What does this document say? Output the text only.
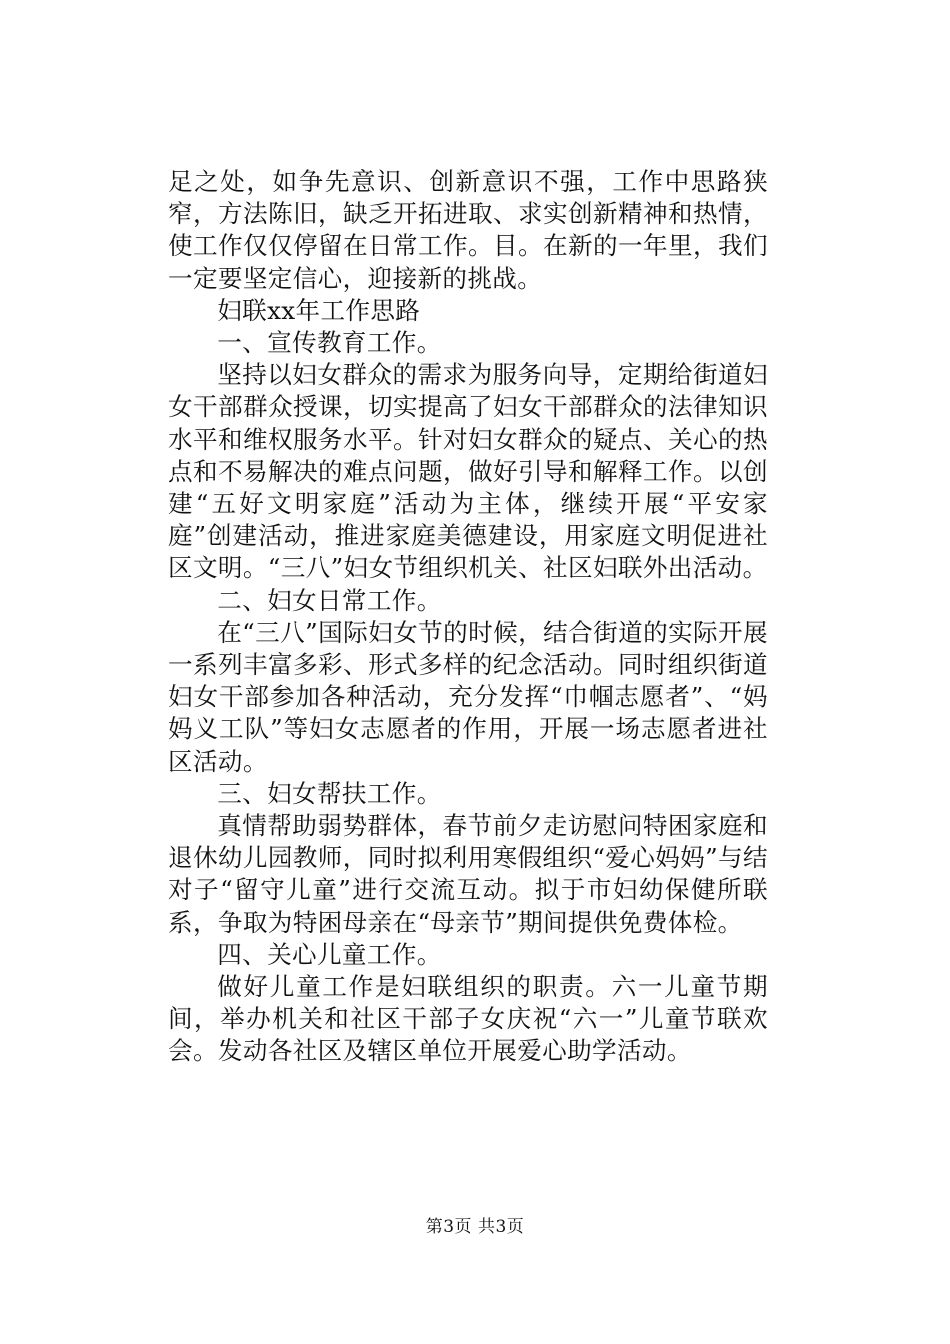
足之处，如争先意识、创新意识不强，工作中思路狭窄，方法陈旧，缺乏开拓进取、求实创新精神和热情，使工作仅仅停留在日常工作。目。在新的一年里，我们一定要坚定信心，迎接新的挑战。

妇联xx年工作思路

一、宣传教育工作。

坚持以妇女群众的需求为服务向导，定期给街道妇女干部群众授课，切实提高了妇女干部群众的法律知识水平和维权服务水平。针对妇女群众的疑点、关心的热点和不易解决的难点问题，做好引导和解释工作。以创建“五好文明家庭”活动为主体，继续开展“平安家庭”创建活动，推进家庭美德建设，用家庭文明促进社区文明。“三八”妇女节组织机关、社区妇联外出活动。

二、妇女日常工作。

在“三八”国际妇女节的时候，结合街道的实际开展一系列丰富多彩、形式多样的纪念活动。同时组织街道妇女干部参加各种活动，充分发挥“巾帼志愿者”、“妈妈义工队”等妇女志愿者的作用，开展一场志愿者进社区活动。

三、妇女帮扶工作。

真情帮助弱势群体，春节前夕走访慰问特困家庭和退休幼儿园教师，同时拟利用寒假组织“爱心妈妈”与结对子“留守儿童”进行交流互动。拟于市妇幼保健所联系，争取为特困母亲在“母亲节”期间提供免费体检。

四、关心儿童工作。

做好儿童工作是妇联组织的职责。六一儿童节期间，举办机关和社区干部子女庆祝“六一”儿童节联欢会。发动各社区及辖区单位开展爱心助学活动。

第3页 共3页
